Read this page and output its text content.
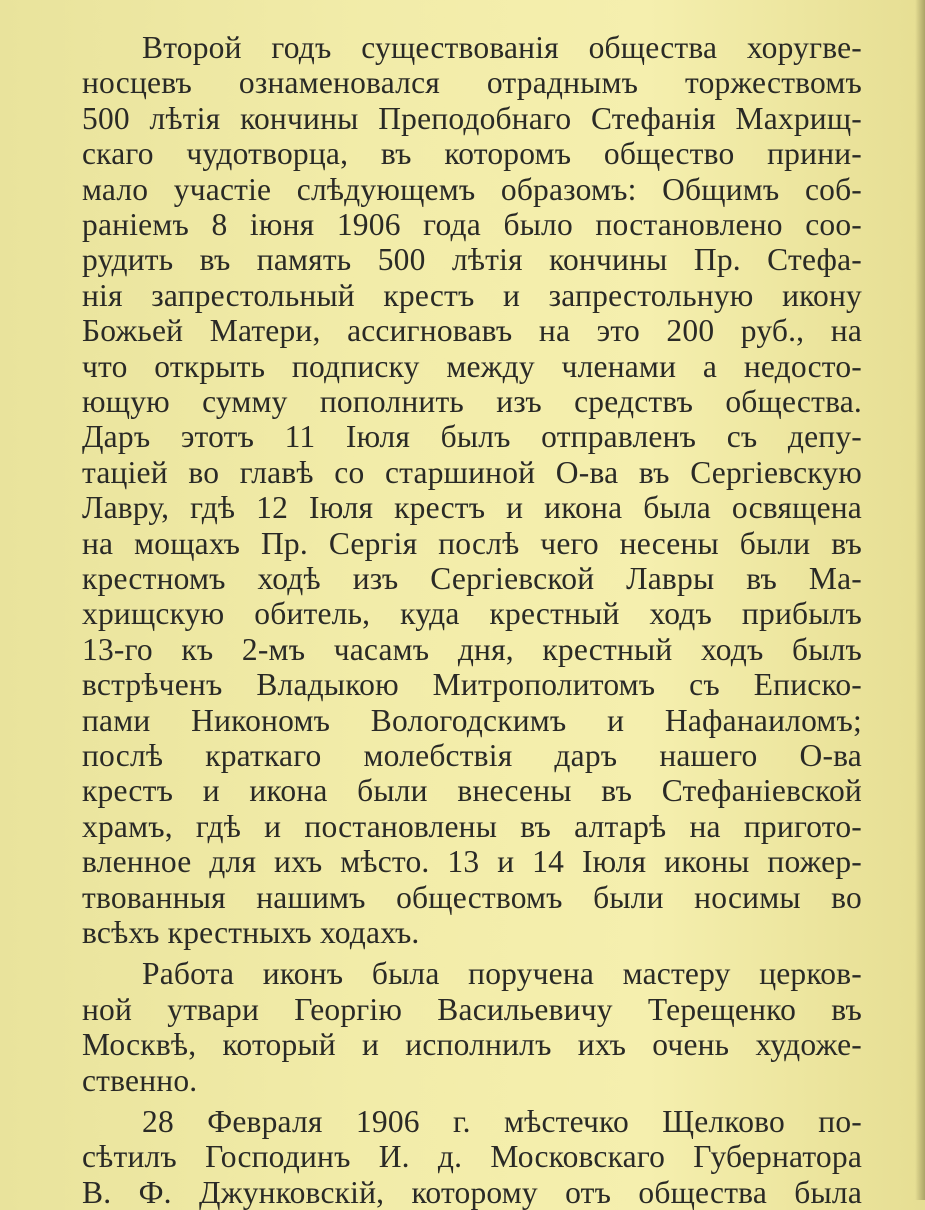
Второй годъ существованія общества хоругве-
носцевъ ознаменовался отраднымъ торжествомъ
500 лѣтія кончины Преподобнаго Стефанія Махрищ-
скаго чудотворца, въ которомъ общество прини-
мало участіе слѣдующемъ образомъ: Общимъ соб-
раніемъ 8 іюня 1906 года было постановлено соо-
рудить въ память 500 лѣтія кончины Пр. Стефа-
нія запрестольный крестъ и запрестольную икону
Божьей Матери, ассигновавъ на это 200 руб., на
что открыть подписку между членами а недосто-
ющую сумму пополнить изъ средствъ общества.
Даръ этотъ 11 Іюля былъ отправленъ съ депу-
таціей во главѣ со старшиной О-ва въ Сергіевскую
Лавру, гдѣ 12 Іюля крестъ и икона была освящена
на мощахъ Пр. Сергія послѣ чего несены были въ
крестномъ ходѣ изъ Сергіевской Лавры въ Ма-
хрищскую обитель, куда крестный ходъ прибылъ
13-го къ 2-мъ часамъ дня, крестный ходъ былъ
встрѣченъ Владыкою Митрополитомъ съ Еписко-
пами Никономъ Вологодскимъ и Нафанаиломъ;
послѣ краткаго молебствія даръ нашего О-ва
крестъ и икона были внесены въ Стефаніевской
храмъ, гдѣ и постановлены въ алтарѣ на пригото-
вленное для ихъ мѣсто. 13 и 14 Іюля иконы пожер-
твованныя нашимъ обществомъ были носимы во
всѣхъ крестныхъ ходахъ.
Работа иконъ была поручена мастеру церков-
ной утвари Георгію Васильевичу Терещенко въ
Москвѣ, который и исполнилъ ихъ очень художе-
ственно.
28 Февраля 1906 г. мѣстечко Щелково по-
сѣтилъ Господинъ И. д. Московскаго Губернатора
В. Ф. Джунковскій, которому отъ общества была
